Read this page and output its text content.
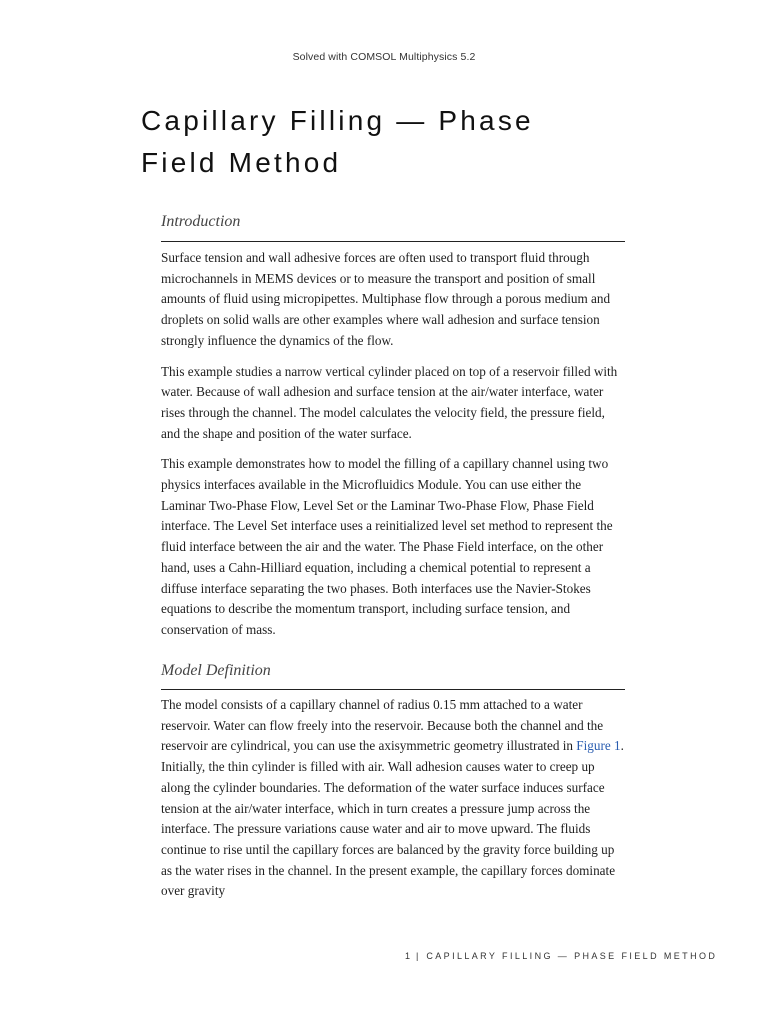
Solved with COMSOL Multiphysics 5.2
Capillary Filling — Phase Field Method
Introduction

Surface tension and wall adhesive forces are often used to transport fluid through microchannels in MEMS devices or to measure the transport and position of small amounts of fluid using micropipettes. Multiphase flow through a porous medium and droplets on solid walls are other examples where wall adhesion and surface tension strongly influence the dynamics of the flow.

This example studies a narrow vertical cylinder placed on top of a reservoir filled with water. Because of wall adhesion and surface tension at the air/water interface, water rises through the channel. The model calculates the velocity field, the pressure field, and the shape and position of the water surface.

This example demonstrates how to model the filling of a capillary channel using two physics interfaces available in the Microfluidics Module. You can use either the Laminar Two-Phase Flow, Level Set or the Laminar Two-Phase Flow, Phase Field interface. The Level Set interface uses a reinitialized level set method to represent the fluid interface between the air and the water. The Phase Field interface, on the other hand, uses a Cahn-Hilliard equation, including a chemical potential to represent a diffuse interface separating the two phases. Both interfaces use the Navier-Stokes equations to describe the momentum transport, including surface tension, and conservation of mass.

Model Definition

The model consists of a capillary channel of radius 0.15 mm attached to a water reservoir. Water can flow freely into the reservoir. Because both the channel and the reservoir are cylindrical, you can use the axisymmetric geometry illustrated in Figure 1. Initially, the thin cylinder is filled with air. Wall adhesion causes water to creep up along the cylinder boundaries. The deformation of the water surface induces surface tension at the air/water interface, which in turn creates a pressure jump across the interface. The pressure variations cause water and air to move upward. The fluids continue to rise until the capillary forces are balanced by the gravity force building up as the water rises in the channel. In the present example, the capillary forces dominate over gravity

1 | CAPILLARY FILLING — PHASE FIELD METHOD
